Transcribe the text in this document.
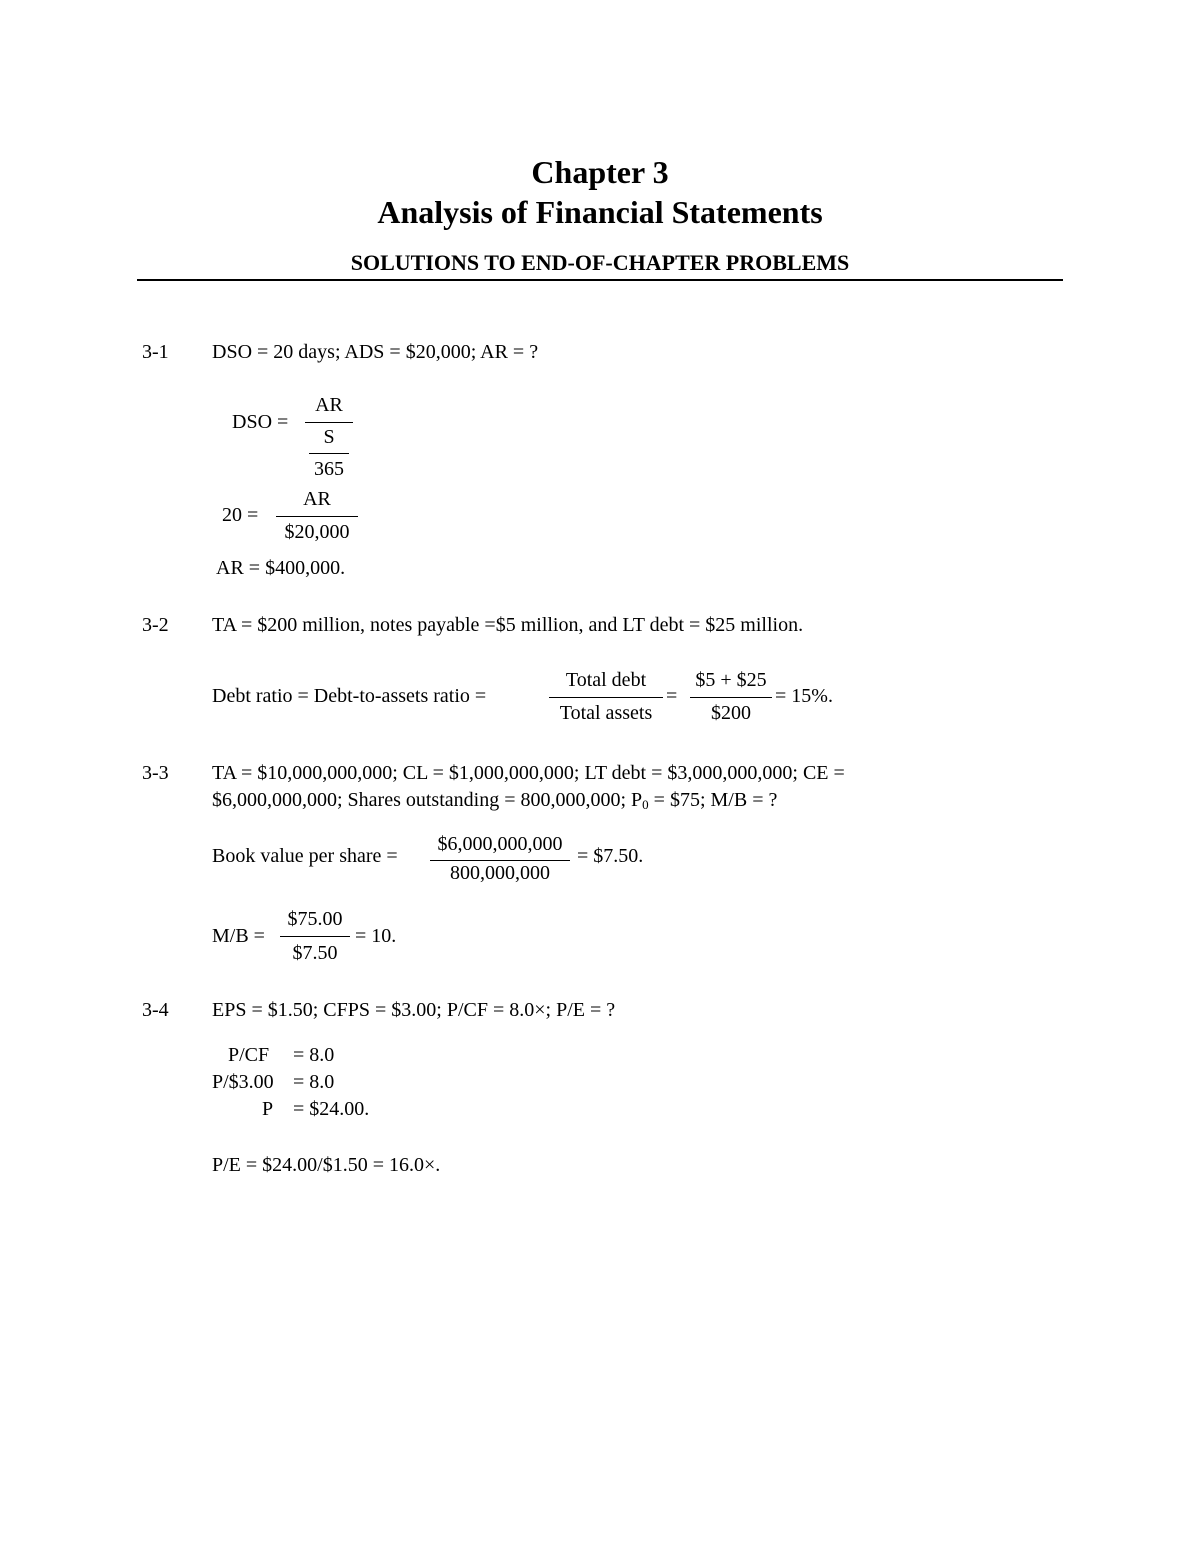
Chapter 3
Analysis of Financial Statements
SOLUTIONS TO END-OF-CHAPTER PROBLEMS
3-1 DSO = 20 days; ADS = $20,000; AR = ?
DSO =
AR
S
365
20 =
AR
$20,000
AR = $400,000.
3-2 TA = $200 million, notes payable =$5 million, and LT debt = $25 million.
Debt ratio = Debt-to-assets ratio =
Total debt
Total assets
=
$5 + $25
$200
= 15%.
3-3 TA = $10,000,000,000; CL = $1,000,000,000; LT debt = $3,000,000,000; CE =
$6,000,000,000; Shares outstanding = 800,000,000; $P_0$ = $75; M/B = ?
Book value per share =
$6,000,000,000
800,000,000
= $7.50.
M/B =
$75.00
$7.50
= 10.
3-4 EPS = $1.50; CFPS = $3.00; P/CF = 8.0×; P/E = ?
P/CF = 8.0
P/$3.00 = 8.0
P = $24.00.
P/E = $24.00/$1.50 = 16.0×.
